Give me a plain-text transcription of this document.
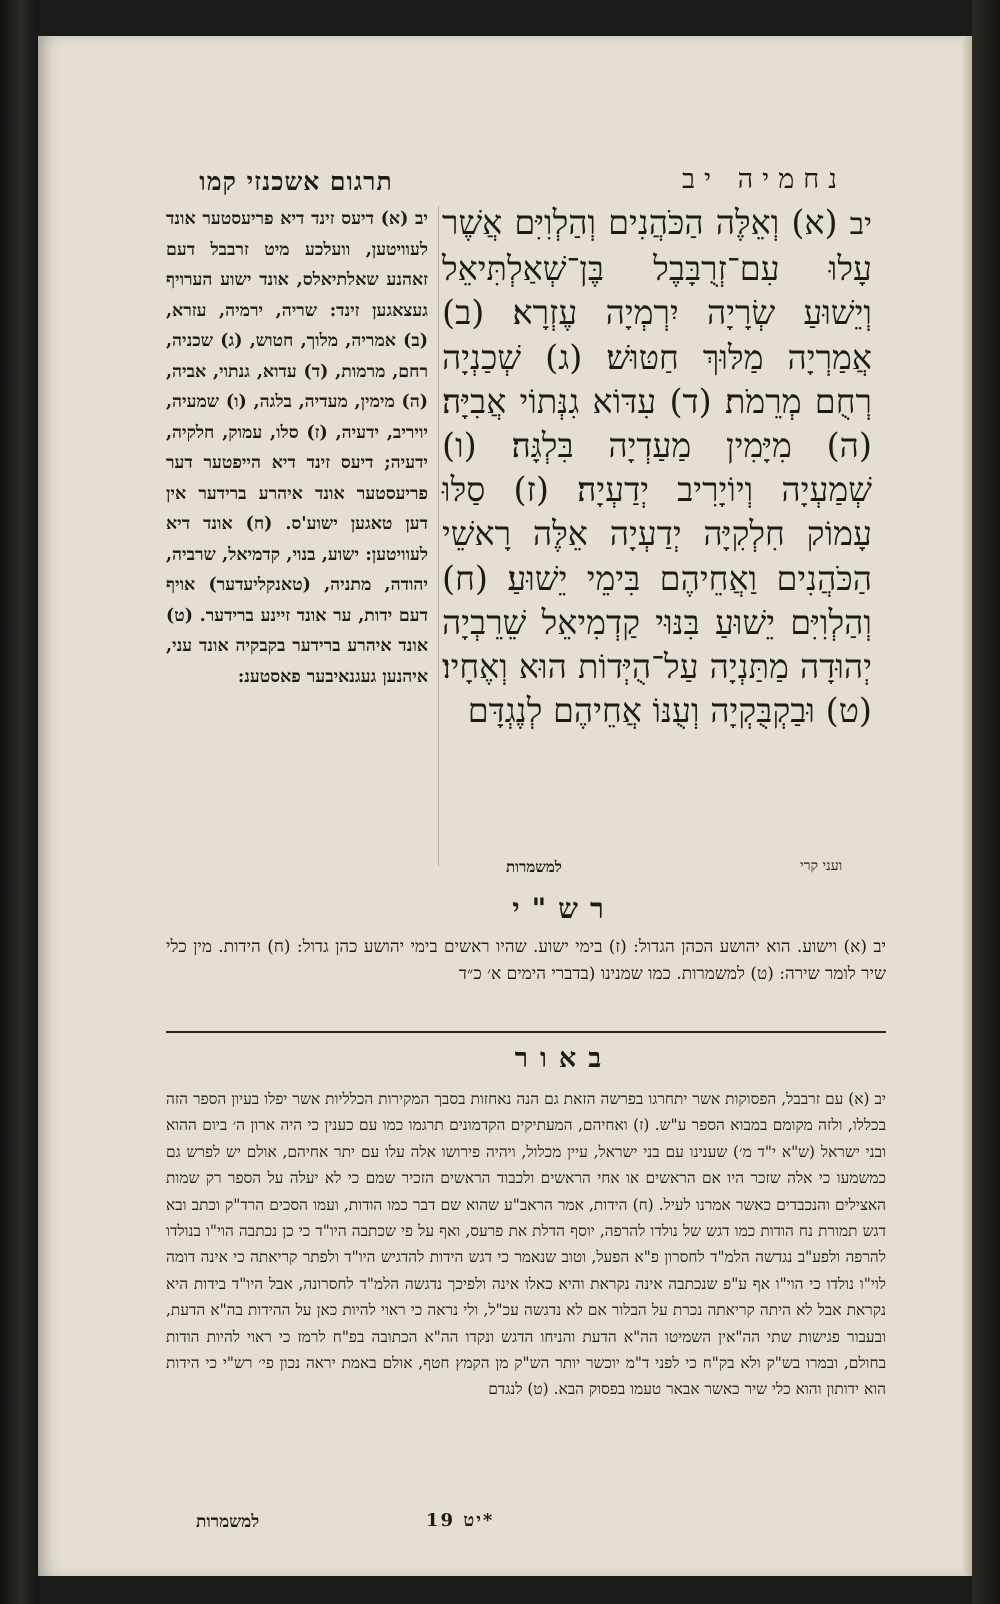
תרגום אשכנזי קמו	נחמיה יב
יב (א) דיעס זינד דיא פריעסטער אונד לעוויטען, וועלכע מיט זרבבל דעם זאהנע שאלתיאלס, אונד ישוע הערויף געצאגען זינד: שריה, ירמיה, עזרא, (ב) אמריה, מלוך, חטוש, (ג) שכניה, רחם, מרמות, (ד) עדוא, גנתוי, אביה, (ה) מימין, מעדיה, בלגה, (ו) שמעיה, יויריב, ידעיה, (ז) סלו, עמוק, חלקיה, ידעיה; דיעס זינד דיא הייפטער דער פריעסטער אונד איהרע ברידער אין דען טאגען ישוע'ס. (ח) אונד דיא לעוויטען: ישוע, בנוי, קדמיאל, שרביה, יהודה, מתניה, (טאנקליעדער) אויף דעם ידות, ער אונד זיינע ברידער. (ט) אונד איהרע ברידער בקבקיה אונד עני, איהנען געגנאיבער פאסטענ:
יב (א) וְאֵלֶּה הַכֹּהֲנִים וְהַלְוִיִּם אֲשֶׁר עָלוּ עִם־זְרֻבָּבֶל בֶּן־שְׁאַלְתִּיאֵל וְיֵשׁוּעַ שְׂרָיָה יִרְמְיָה עֶזְרָא׃ (ב) אֲמַרְיָה מַלּוּךְ חַטּוּשׁ׃ (ג) שְׁכַנְיָה רְחֻם מְרֵמֹת׃ (ד) עִדּוֹא גִנְּתוֹי אֲבִיָּה׃ (ה) מִיָּמִין מַעַדְיָה בִּלְגָּה׃ (ו) שְׁמַעְיָה וְיוֹיָרִיב יְדַעְיָה׃ (ז) סַלּוּ עָמוֹק חִלְקִיָּה יְדַעְיָה אֵלֶּה רָאשֵׁי הַכֹּהֲנִים וַאֲחֵיהֶם בִּימֵי יֵשׁוּעַ׃ (ח) וְהַלְוִיִּם יֵשׁוּעַ בִּנּוּי קַדְמִיאֵל שֵׁרֵבְיָה יְהוּדָה מַתַּנְיָה עַל־הֻיְּדוֹת הוּא וְאֶחָיו׃ (ט) וּבַקְבֻּקְיָה וְעֻנּוֹ אֲחֵיהֶם לְנֶגְדָּם
למשמרות	ועני קרי
רש"י
יב (א) וישוע. הוא יהושע הכהן הגדול: (ז) בימי ישוע. שהיו ראשים בימי יהושע כהן גדול: (ח) הידות. מין כלי שיר לומר שירה: (ט) למשמרות. כמו שמנינו (בדברי הימים א׳ כ״ד
באור
יב (א) עם זרבבל, הפסוקות אשר יתחרגו בפרשה הזאת גם הנה נאחזות בסבך המקירות הכלליות אשר יפלו בעיון הספר הזה בכללו, ולזה מקומם במבוא הספר ע"ש. (ז) ואחיהם, המעתיקים הקדמונים תרגמו כמו עם כענין כי היה ארון ה׳ ביום ההוא ובני ישראל (ש"א י"ד מ׳) שענינו עם בני ישראל, עיין מכלול, ויהיה פירושו אלה עלו עם יתר אחיהם, אולם יש לפרש גם כמשמעו כי אלה שזכר היו אם הראשים או אחי הראשים ולכבוד הראשים הזכיר שמם כי לא יעלה על הספר רק שמות האצילים והנכבדים כאשר אמרנו לעיל. (ח) הידות, אמר הראב"ע שהוא שם דבר כמו הודות, ועמו הסכים הרד"ק וכתב ובא דגש תמורת נח הודות כמו דגש של נולדו להרפה, יוסף הדלת את פרעס, ואף על פי שכתבה היו"ד כי כן נכתבה הוי"ו בנולדו להרפה ולפע"ב נגדשה הלמ"ד לחסרון פ"א הפעל, וטוב שנאמר כי דגש הידות להדגיש היו"ד ולפתר קריאתה כי אינה דומה לוי"ו נולדו כי הוי"ו אף ע"פ שנכתבה אינה נקראת והיא כאלו אינה ולפיכך נדגשה הלמ"ד לחסרונה, אבל היו"ד בידות היא נקראת אבל לא היתה קריאתה נכרת על הבלור אם לא נדגשה עכ"ל, ולי נראה כי ראוי להיות כאן על ההידות בה"א הדעת, ובעבור פגישות שתי הה"אין השמיטו הה"א הדעת והניחו הדגש ונקדו הה"א הכתובה בפ"ח לרמז כי ראוי להיות הודות בחולם, ובמרו בש"ק ולא בק"ח כי לפני ד"מ יוכשר יותר הש"ק מן הקמץ חטף, אולם באמת יראה נכון פי׳ רש"י כי הידות הוא ידותון והוא כלי שיר כאשר אבאר טעמו בפסוק הבא. (ט) לנגדם
למשמרות	יט 19*
